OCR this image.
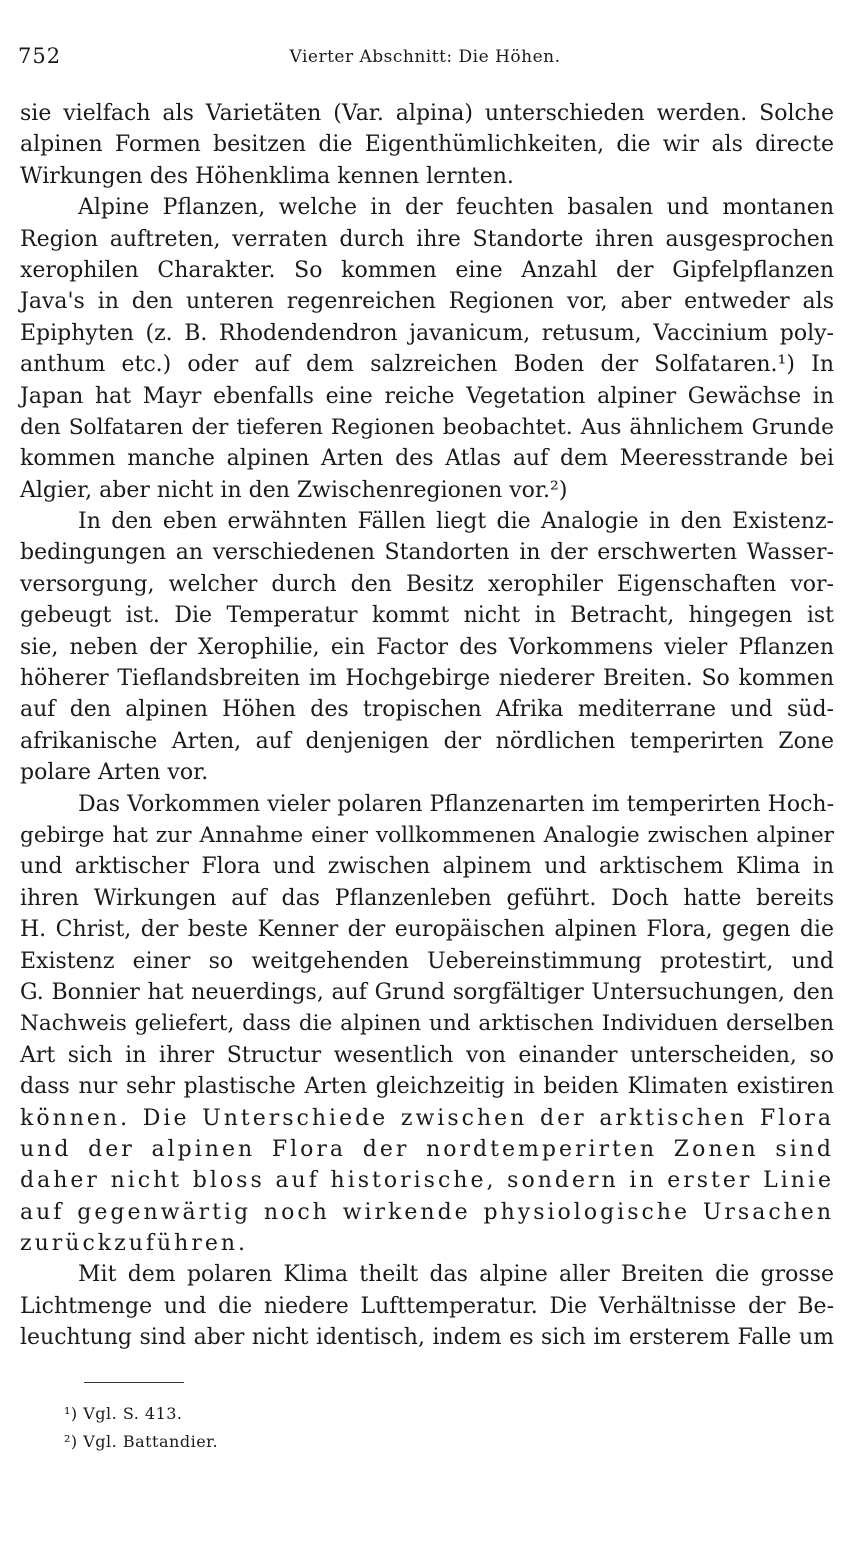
752	Vierter Abschnitt: Die Höhen.
sie vielfach als Varietäten (Var. alpina) unterschieden werden. Solche
alpinen Formen besitzen die Eigenthümlichkeiten, die wir als directe
Wirkungen des Höhenklima kennen lernten.
Alpine Pflanzen, welche in der feuchten basalen und montanen
Region auftreten, verraten durch ihre Standorte ihren ausgesprochen
xerophilen Charakter. So kommen eine Anzahl der Gipfelpflanzen
Java's in den unteren regenreichen Regionen vor, aber entweder als
Epiphyten (z. B. Rhodendendron javanicum, retusum, Vaccinium poly-
anthum etc.) oder auf dem salzreichen Boden der Solfataren.¹) In
Japan hat Mayr ebenfalls eine reiche Vegetation alpiner Gewächse in
den Solfataren der tieferen Regionen beobachtet. Aus ähnlichem Grunde
kommen manche alpinen Arten des Atlas auf dem Meeresstrande bei
Algier, aber nicht in den Zwischenregionen vor.²)
In den eben erwähnten Fällen liegt die Analogie in den Existenz-
bedingungen an verschiedenen Standorten in der erschwerten Wasser-
versorgung, welcher durch den Besitz xerophiler Eigenschaften vor-
gebeugt ist. Die Temperatur kommt nicht in Betracht, hingegen ist
sie, neben der Xerophilie, ein Factor des Vorkommens vieler Pflanzen
höherer Tieflandsbreiten im Hochgebirge niederer Breiten. So kommen
auf den alpinen Höhen des tropischen Afrika mediterrane und süd-
afrikanische Arten, auf denjenigen der nördlichen temperirten Zone
polare Arten vor.
Das Vorkommen vieler polaren Pflanzenarten im temperirten Hoch-
gebirge hat zur Annahme einer vollkommenen Analogie zwischen alpiner
und arktischer Flora und zwischen alpinem und arktischem Klima in
ihren Wirkungen auf das Pflanzenleben geführt. Doch hatte bereits
H. Christ, der beste Kenner der europäischen alpinen Flora, gegen die
Existenz einer so weitgehenden Uebereinstimmung protestirt, und
G. Bonnier hat neuerdings, auf Grund sorgfältiger Untersuchungen, den
Nachweis geliefert, dass die alpinen und arktischen Individuen derselben
Art sich in ihrer Structur wesentlich von einander unterscheiden, so
dass nur sehr plastische Arten gleichzeitig in beiden Klimaten existiren
können. Die Unterschiede zwischen der arktischen Flora
und der alpinen Flora der nordtemperirten Zonen sind
daher nicht bloss auf historische, sondern in erster Linie
auf gegenwärtig noch wirkende physiologische Ursachen
zurückzuführen.
Mit dem polaren Klima theilt das alpine aller Breiten die grosse
Lichtmenge und die niedere Lufttemperatur. Die Verhältnisse der Be-
leuchtung sind aber nicht identisch, indem es sich im ersterem Falle um
¹) Vgl. S. 413.
²) Vgl. Battandier.
